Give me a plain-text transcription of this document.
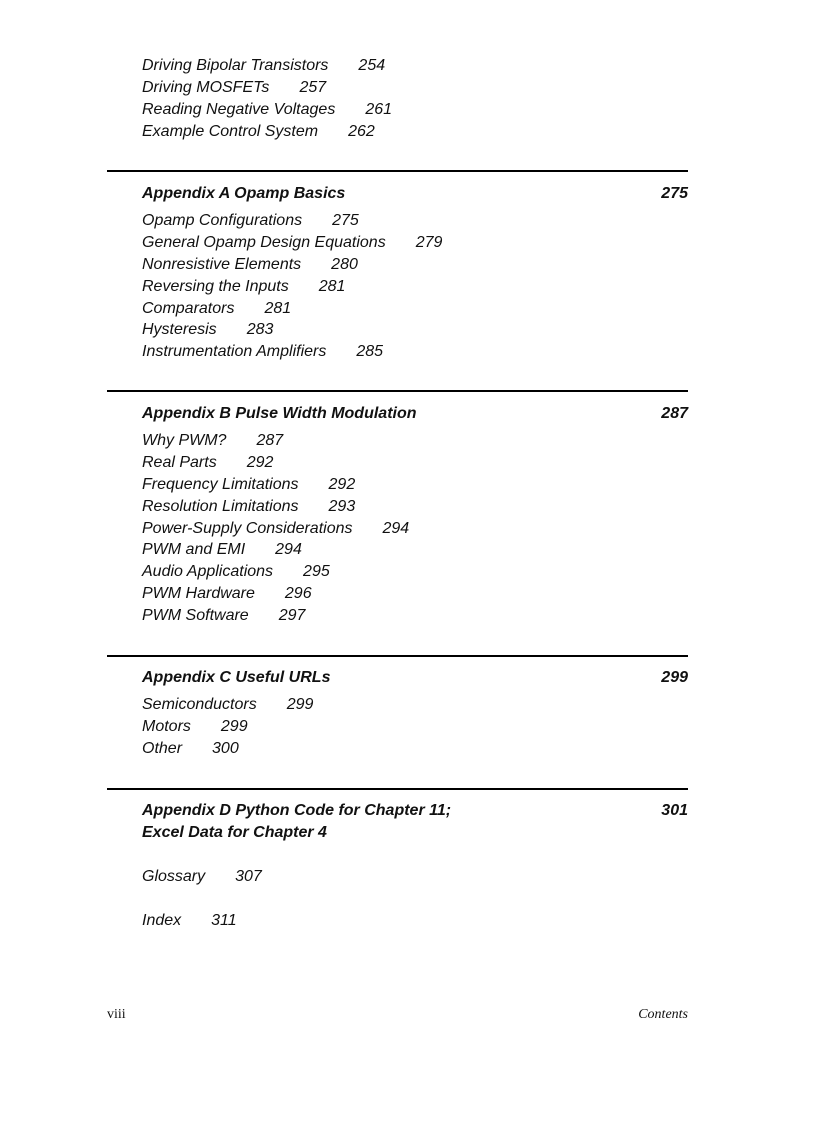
Driving Bipolar Transistors 254
Driving MOSFETs 257
Reading Negative Voltages 261
Example Control System 262
Appendix A Opamp Basics	275
Opamp Configurations 275
General Opamp Design Equations 279
Nonresistive Elements 280
Reversing the Inputs 281
Comparators 281
Hysteresis 283
Instrumentation Amplifiers 285
Appendix B Pulse Width Modulation	287
Why PWM? 287
Real Parts 292
Frequency Limitations 292
Resolution Limitations 293
Power-Supply Considerations 294
PWM and EMI 294
Audio Applications 295
PWM Hardware 296
PWM Software 297
Appendix C Useful URLs	299
Semiconductors 299
Motors 299
Other 300
Appendix D Python Code for Chapter 11;
Excel Data for Chapter 4
301
Glossary 307
Index 311
viii	Contents
